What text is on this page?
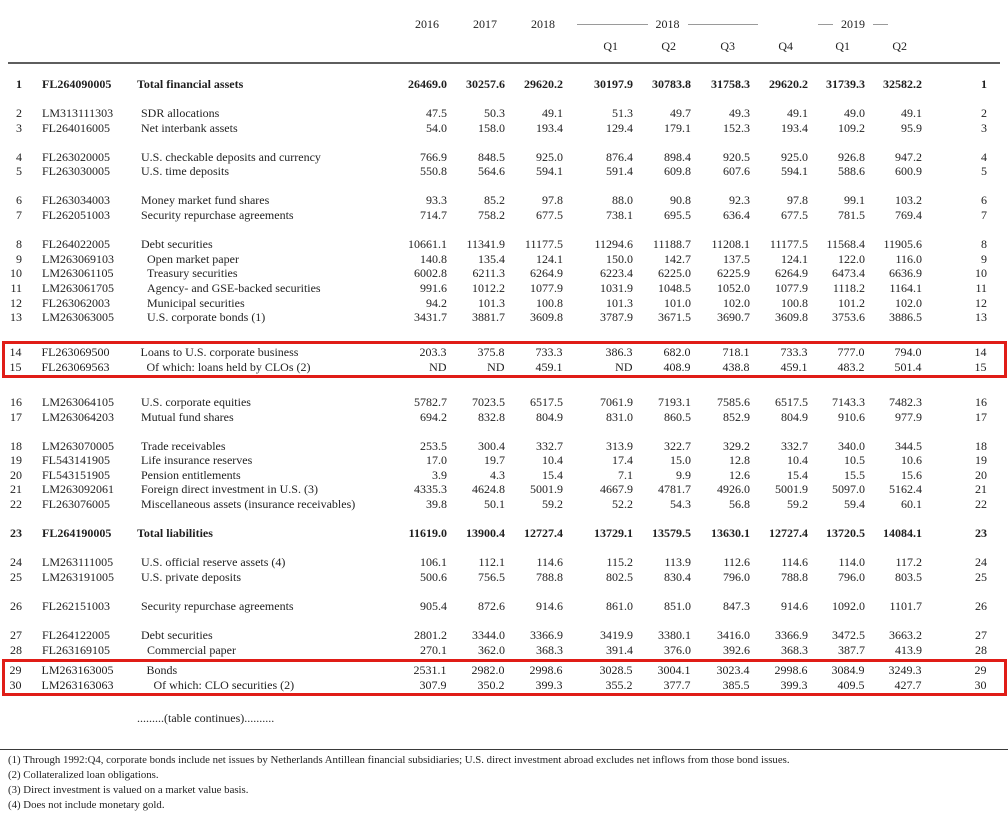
2016	2017	2018	2018	2019
Q1	Q2	Q3	Q4	Q1	Q2
1 FL264090005	Total financial assets	26469.0	30257.6	29620.2	30197.9	30783.8	31758.3	29620.2	31739.3	32582.2	1
2 LM313111303	SDR allocations	47.5	50.3	49.1	51.3	49.7	49.3	49.1	49.0	49.1	2
3 FL264016005	Net interbank assets	54.0	158.0	193.4	129.4	179.1	152.3	193.4	109.2	95.9	3
4 FL263020005	U.S. checkable deposits and currency	766.9	848.5	925.0	876.4	898.4	920.5	925.0	926.8	947.2	4
5 FL263030005	U.S. time deposits	550.8	564.6	594.1	591.4	609.8	607.6	594.1	588.6	600.9	5
6 FL263034003	Money market fund shares	93.3	85.2	97.8	88.0	90.8	92.3	97.8	99.1	103.2	6
7 FL262051003	Security repurchase agreements	714.7	758.2	677.5	738.1	695.5	636.4	677.5	781.5	769.4	7
8 FL264022005	Debt securities	10661.1	11341.9	11177.5	11294.6	11188.7	11208.1	11177.5	11568.4	11905.6	8
9 LM263069103	Open market paper	140.8	135.4	124.1	150.0	142.7	137.5	124.1	122.0	116.0	9
10 LM263061105	Treasury securities	6002.8	6211.3	6264.9	6223.4	6225.0	6225.9	6264.9	6473.4	6636.9	10
11 LM263061705	Agency- and GSE-backed securities	991.6	1012.2	1077.9	1031.9	1048.5	1052.0	1077.9	1118.2	1164.1	11
12 FL263062003	Municipal securities	94.2	101.3	100.8	101.3	101.0	102.0	100.8	101.2	102.0	12
13 LM263063005	U.S. corporate bonds (1)	3431.7	3881.7	3609.8	3787.9	3671.5	3690.7	3609.8	3753.6	3886.5	13
14 FL263069500	Loans to U.S. corporate business	203.3	375.8	733.3	386.3	682.0	718.1	733.3	777.0	794.0	14
15 FL263069563	Of which: loans held by CLOs (2)	ND	ND	459.1	ND	408.9	438.8	459.1	483.2	501.4	15
16 LM263064105	U.S. corporate equities	5782.7	7023.5	6517.5	7061.9	7193.1	7585.6	6517.5	7143.3	7482.3	16
17 LM263064203	Mutual fund shares	694.2	832.8	804.9	831.0	860.5	852.9	804.9	910.6	977.9	17
18 LM263070005	Trade receivables	253.5	300.4	332.7	313.9	322.7	329.2	332.7	340.0	344.5	18
19 FL543141905	Life insurance reserves	17.0	19.7	10.4	17.4	15.0	12.8	10.4	10.5	10.6	19
20 FL543151905	Pension entitlements	3.9	4.3	15.4	7.1	9.9	12.6	15.4	15.5	15.6	20
21 LM263092061	Foreign direct investment in U.S. (3)	4335.3	4624.8	5001.9	4667.9	4781.7	4926.0	5001.9	5097.0	5162.4	21
22 FL263076005	Miscellaneous assets (insurance receivables)	39.8	50.1	59.2	52.2	54.3	56.8	59.2	59.4	60.1	22
23 FL264190005	Total liabilities	11619.0	13900.4	12727.4	13729.1	13579.5	13630.1	12727.4	13720.5	14084.1	23
24 LM263111005	U.S. official reserve assets (4)	106.1	112.1	114.6	115.2	113.9	112.6	114.6	114.0	117.2	24
25 LM263191005	U.S. private deposits	500.6	756.5	788.8	802.5	830.4	796.0	788.8	796.0	803.5	25
26 FL262151003	Security repurchase agreements	905.4	872.6	914.6	861.0	851.0	847.3	914.6	1092.0	1101.7	26
27 FL264122005	Debt securities	2801.2	3344.0	3366.9	3419.9	3380.1	3416.0	3366.9	3472.5	3663.2	27
28 FL263169105	Commercial paper	270.1	362.0	368.3	391.4	376.0	392.6	368.3	387.7	413.9	28
29 LM263163005	Bonds	2531.1	2982.0	2998.6	3028.5	3004.1	3023.4	2998.6	3084.9	3249.3	29
30 LM263163063	Of which: CLO securities (2)	307.9	350.2	399.3	355.2	377.7	385.5	399.3	409.5	427.7	30
.........(table continues)..........
(1) Through 1992:Q4, corporate bonds include net issues by Netherlands Antillean financial subsidiaries; U.S. direct investment abroad excludes net inflows from those bond issues.
(2) Collateralized loan obligations.
(3) Direct investment is valued on a market value basis.
(4) Does not include monetary gold.
